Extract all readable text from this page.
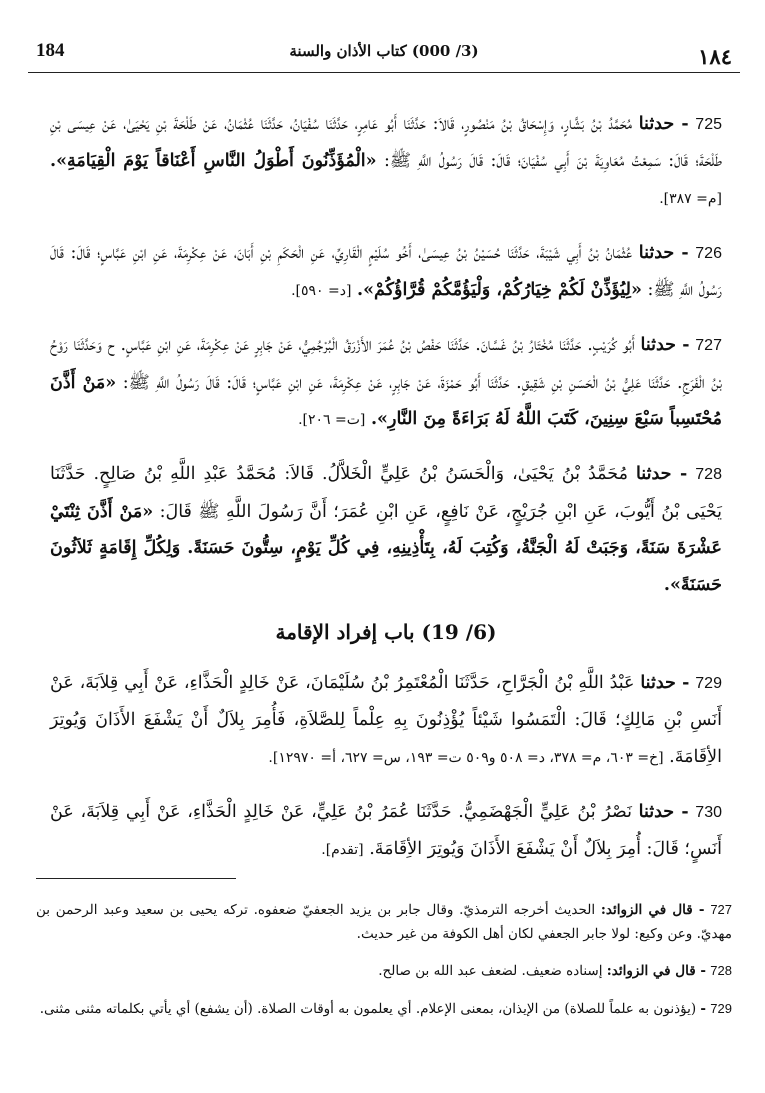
184	(3/ 000) كتاب الأذان والسنة	١٨٤

725 - حدثنا مُحَمَّدُ بْنُ بَشَّارٍ، وَإِسْحَاقُ بْنُ مَنْصُورٍ، قَالاَ: حَدَّثَنَا أَبُو عَامِرٍ، حَدَّثَنَا سُفْيَانُ، حَدَّثَنَا عُثْمَانُ، عَنْ طَلْحَةَ بْنِ يَحْيَىٰ، عَنْ عِيسَى بْنِ طَلْحَةَ؛ قَالَ: سَمِعْتُ مُعَاوِيَةَ بْنَ أَبِي سُفْيَانَ؛ قَالَ: قَالَ رَسُولُ اللَّهِ ﷺ: «الْمُؤَذِّنُونَ أَطْوَلُ النَّاسِ أَعْنَاقاً يَوْمَ الْقِيَامَةِ». [م= ٣٨٧].

726 - حدثنا عُثْمَانُ بْنُ أَبِي شَيْبَةَ، حَدَّثَنَا حُسَيْنُ بْنُ عِيسَىٰ، أَخُو سُلَيْمٍ الْقَارِيِّ، عَنِ الْحَكَمِ بْنِ أَبَانَ، عَنْ عِكْرِمَةَ، عَنِ ابْنِ عَبَّاسٍ؛ قَالَ: قَالَ رَسُولُ اللَّهِ ﷺ: «لِيُؤَذِّنْ لَكُمْ خِيَارُكُمْ، وَلْيَؤُمَّكُمْ قُرَّاؤُكُمْ». [د= ٥٩٠].

727 - حدثنا أَبُو كُرَيْبٍ. حَدَّثَنَا مُخْتَارُ بْنُ غَسَّانَ. حَدَّثَنَا حَفْصُ بْنُ عُمَرَ الأَزْرَقُ الْبُرْجُمِيُّ، عَنْ جَابِرٍ عَنْ عِكْرِمَةَ، عَنِ ابْنِ عَبَّاسٍ. ح وَحَدَّثَنَا رَوْحُ بْنُ الْفَرَجِ. حَدَّثَنَا عَلِيُّ بْنُ الْحَسَنِ بْنِ شَقِيقٍ. حَدَّثَنَا أَبُو حَمْزَةَ، عَنْ جَابِرٍ، عَنْ عِكْرِمَةَ، عَنِ ابْنِ عَبَّاسٍ؛ قَالَ: قَالَ رَسُولُ اللَّهِ ﷺ: «مَنْ أَذَّنَ مُحْتَسِباً سَبْعَ سِنِينَ، كَتَبَ اللَّهُ لَهُ بَرَاءَةً مِنَ النَّارِ». [ت= ٢٠٦].

728 - حدثنا مُحَمَّدُ بْنُ يَحْيَىٰ، وَالْحَسَنُ بْنُ عَلِيٍّ الْخَلاَّلُ. قَالاَ: مُحَمَّدُ عَبْدِ اللَّهِ بْنُ صَالِحٍ. حَدَّثَنَا يَحْيَى بْنُ أَيُّوبَ، عَنِ ابْنِ جُرَيْجٍ، عَنْ نَافِعٍ، عَنِ ابْنِ عُمَرَ؛ أَنَّ رَسُولَ اللَّهِ ﷺ قَالَ: «مَنْ أَذَّنَ ثِنْتَيْ عَشْرَةَ سَنَةً، وَجَبَتْ لَهُ الْجَنَّةُ، وَكُتِبَ لَهُ، بِتَأْذِينِهِ، فِي كُلِّ يَوْمٍ، سِتُّونَ حَسَنَةً. وَلِكُلِّ إِقَامَةٍ ثَلاَثُونَ حَسَنَةً».

(6/ 19) باب إفراد الإقامة

729 - حدثنا عَبْدُ اللَّهِ بْنُ الْجَرَّاحِ، حَدَّثَنَا الْمُعْتَمِرُ بْنُ سُلَيْمَانَ، عَنْ خَالِدٍ الْحَذَّاءِ، عَنْ أَبِي قِلاَبَةَ، عَنْ أَنَسِ بْنِ مَالِكٍ؛ قَالَ: الْتَمَسُوا شَيْئاً يُؤْذِنُونَ بِهِ عِلْماً لِلصَّلاَةِ، فَأُمِرَ بِلاَلٌ أَنْ يَشْفَعَ الأَذَانَ وَيُوتِرَ الأِقَامَةَ. [خ= ٦٠٣، م= ٣٧٨، د= ٥٠٨ و٥٠٩ ت= ١٩٣، س= ٦٢٧، أ= ١٢٩٧٠].

730 - حدثنا نَصْرُ بْنُ عَلِيٍّ الْجَهْضَمِيُّ. حَدَّثَنَا عُمَرُ بْنُ عَلِيٍّ، عَنْ خَالِدٍ الْحَذَّاءِ، عَنْ أَبِي قِلاَبَةَ، عَنْ أَنَسٍ؛ قَالَ: أُمِرَ بِلاَلٌ أَنْ يَشْفَعَ الأَذَانَ وَيُوتِرَ الأِقَامَةَ. [تقدم].

727 - قال في الزوائد: الحديث أخرجه الترمذيّ. وقال جابر بن يزيد الجعفيّ ضعفوه. تركه يحيى بن سعيد وعبد الرحمن بن مهديّ. وعن وكيع: لولا جابر الجعفي لكان أهل الكوفة من غير حديث.

728 - قال في الزوائد: إسناده ضعيف. لضعف عبد الله بن صالح.

729 - (يؤذنون به علماً للصلاة) من الإيذان، بمعنى الإعلام. أي يعلمون به أوقات الصلاة. (أن يشفع) أي يأتي بكلماته مثنى مثنى.
